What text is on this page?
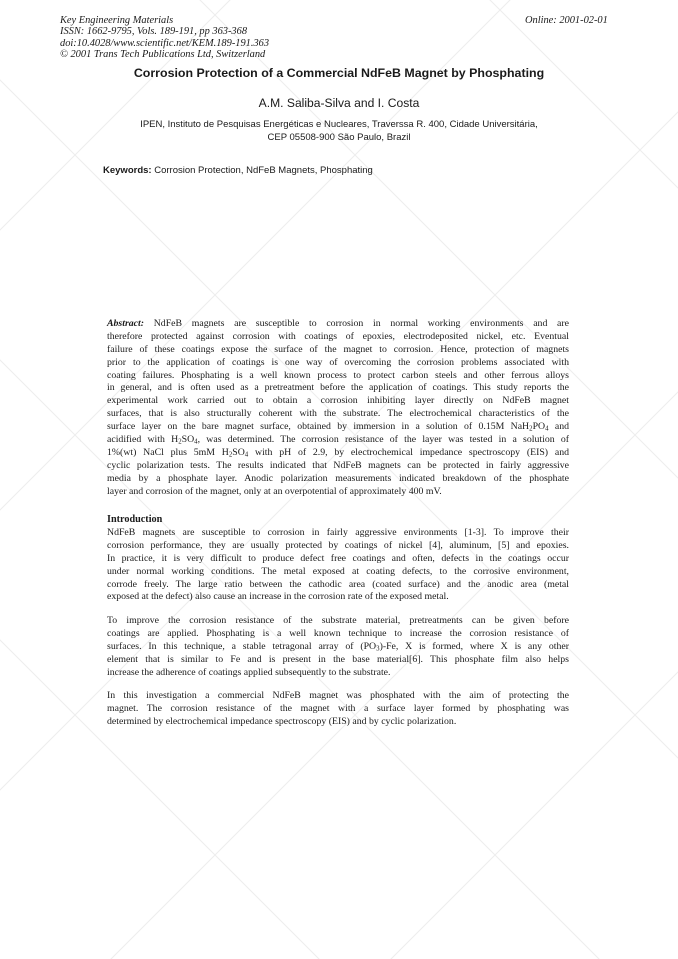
Key Engineering Materials
ISSN: 1662-9795, Vols. 189-191, pp 363-368
doi:10.4028/www.scientific.net/KEM.189-191.363
© 2001 Trans Tech Publications Ltd, Switzerland
Online: 2001-02-01
Corrosion Protection of a Commercial NdFeB Magnet by Phosphating
A.M. Saliba-Silva and I. Costa
IPEN, Instituto de Pesquisas Energéticas e Nucleares, Traverssa R. 400, Cidade Universitária,
CEP 05508-900 São Paulo, Brazil
Keywords: Corrosion Protection, NdFeB Magnets, Phosphating
Abstract: NdFeB magnets are susceptible to corrosion in normal working environments and are
therefore protected against corrosion with coatings of epoxies, electrodeposited nickel, etc. Eventual
failure of these coatings expose the surface of the magnet to corrosion. Hence, protection of magnets
prior to the application of coatings is one way of overcoming the corrosion problems associated with
coating failures. Phosphating is a well known process to protect carbon steels and other ferrous alloys
in general, and is often used as a pretreatment before the application of coatings. This study reports the
experimental work carried out to obtain a corrosion inhibiting layer directly on NdFeB magnet
surfaces, that is also structurally coherent with the substrate. The electrochemical characteristics of the
surface layer on the bare magnet surface, obtained by immersion in a solution of 0.15M $NaH_2PO_4$ and
acidified with $H_2SO_4$, was determined. The corrosion resistance of the layer was tested in a solution of
1%(wt) NaCl plus 5mM $H_2SO_4$ with pH of 2.9, by electrochemical impedance spectroscopy (EIS) and
cyclic polarization tests. The results indicated that NdFeB magnets can be protected in fairly aggressive
media by a phosphate layer. Anodic polarization measurements indicated breakdown of the phosphate
layer and corrosion of the magnet, only at an overpotential of approximately 400 mV.
Introduction
NdFeB magnets are susceptible to corrosion in fairly aggressive environments [1-3]. To improve their
corrosion performance, they are usually protected by coatings of nickel [4], aluminum, [5] and epoxies.
In practice, it is very difficult to produce defect free coatings and often, defects in the coatings occur
under normal working conditions. The metal exposed at coating defects, to the corrosive environment,
corrode freely. The large ratio between the cathodic area (coated surface) and the anodic area (metal
exposed at the defect) also cause an increase in the corrosion rate of the exposed metal.
To improve the corrosion resistance of the substrate material, pretreatments can be given before
coatings are applied. Phosphating is a well known technique to increase the corrosion resistance of
surfaces. In this technique, a stable tetragonal array of $(PO_3)-Fe$, X is formed, where X is any other
element that is similar to Fe and is present in the base material[6]. This phosphate film also helps
increase the adherence of coatings applied subsequently to the substrate.
In this investigation a commercial NdFeB magnet was phosphated with the aim of protecting the
magnet. The corrosion resistance of the magnet with a surface layer formed by phosphating was
determined by electrochemical impedance spectroscopy (EIS) and by cyclic polarization.
